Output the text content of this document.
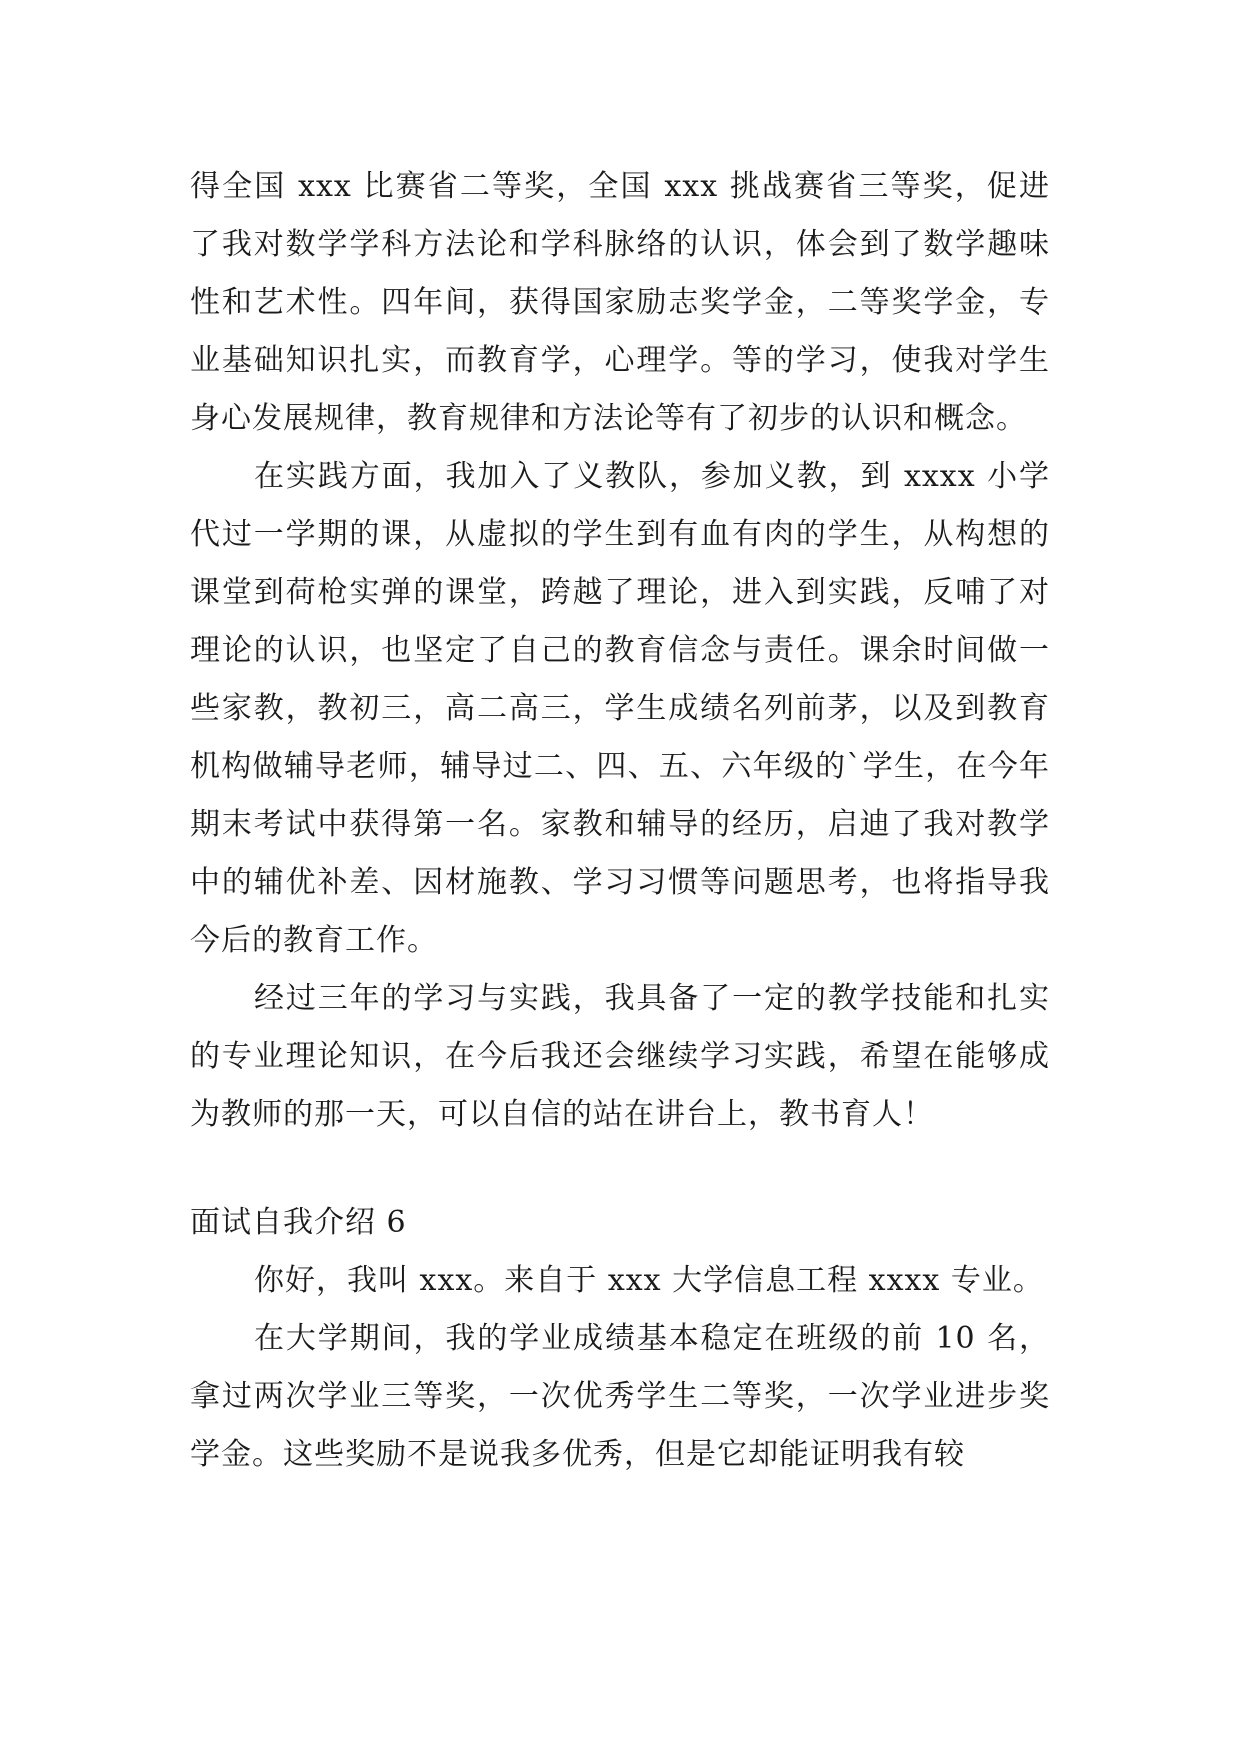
得全国 xxx 比赛省二等奖，全国 xxx 挑战赛省三等奖，促进了我对数学学科方法论和学科脉络的认识，体会到了数学趣味性和艺术性。四年间，获得国家励志奖学金，二等奖学金，专业基础知识扎实，而教育学，心理学。等的学习，使我对学生身心发展规律，教育规律和方法论等有了初步的认识和概念。

在实践方面，我加入了义教队，参加义教，到 xxxx 小学代过一学期的课，从虚拟的学生到有血有肉的学生，从构想的课堂到荷枪实弹的课堂，跨越了理论，进入到实践，反哺了对理论的认识，也坚定了自己的教育信念与责任。课余时间做一些家教，教初三，高二高三，学生成绩名列前茅，以及到教育机构做辅导老师，辅导过二、四、五、六年级的`学生，在今年期末考试中获得第一名。家教和辅导的经历，启迪了我对教学中的辅优补差、因材施教、学习习惯等问题思考，也将指导我今后的教育工作。

经过三年的学习与实践，我具备了一定的教学技能和扎实的专业理论知识，在今后我还会继续学习实践，希望在能够成为教师的那一天，可以自信的站在讲台上，教书育人！

面试自我介绍 6

你好，我叫 xxx。来自于 xxx 大学信息工程 xxxx 专业。

在大学期间，我的学业成绩基本稳定在班级的前 10 名，拿过两次学业三等奖，一次优秀学生二等奖，一次学业进步奖学金。这些奖励不是说我多优秀，但是它却能证明我有较
